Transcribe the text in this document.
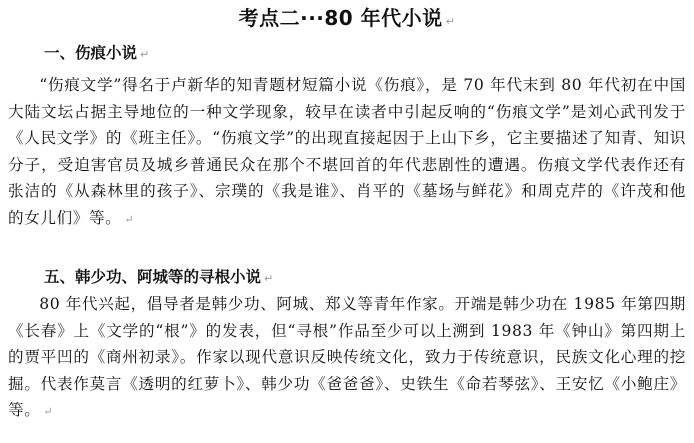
考点二···80 年代小说 ↵
一、伤痕小说 ↵
“伤痕文学”得名于卢新华的知青题材短篇小说《伤痕》，是 70 年代末到 80 年代初在中国大陆文坛占据主导地位的一种文学现象，较早在读者中引起反响的“伤痕文学”是刘心武刊发于《人民文学》的《班主任》。“伤痕文学”的出现直接起因于上山下乡，它主要描述了知青、知识分子，受迫害官员及城乡普通民众在那个不堪回首的年代悲剧性的遭遇。伤痕文学代表作还有张洁的《从森林里的孩子》、宗璞的《我是谁》、肖平的《墓场与鲜花》和周克芹的《许茂和他的女儿们》等。 ↵
五、韩少功、阿城等的寻根小说 ↵
80 年代兴起，倡导者是韩少功、阿城、郑义等青年作家。开端是韩少功在 1985 年第四期《长春》上《文学的“根”》的发表，但“寻根”作品至少可以上溯到 1983 年《钟山》第四期上的贾平凹的《商州初录》。作家以现代意识反映传统文化，致力于传统意识，民族文化心理的挖掘。代表作莫言《透明的红萝卜》、韩少功《爸爸爸》、史铁生《命若琴弦》、王安忆《小鲍庄》等。 ↵
